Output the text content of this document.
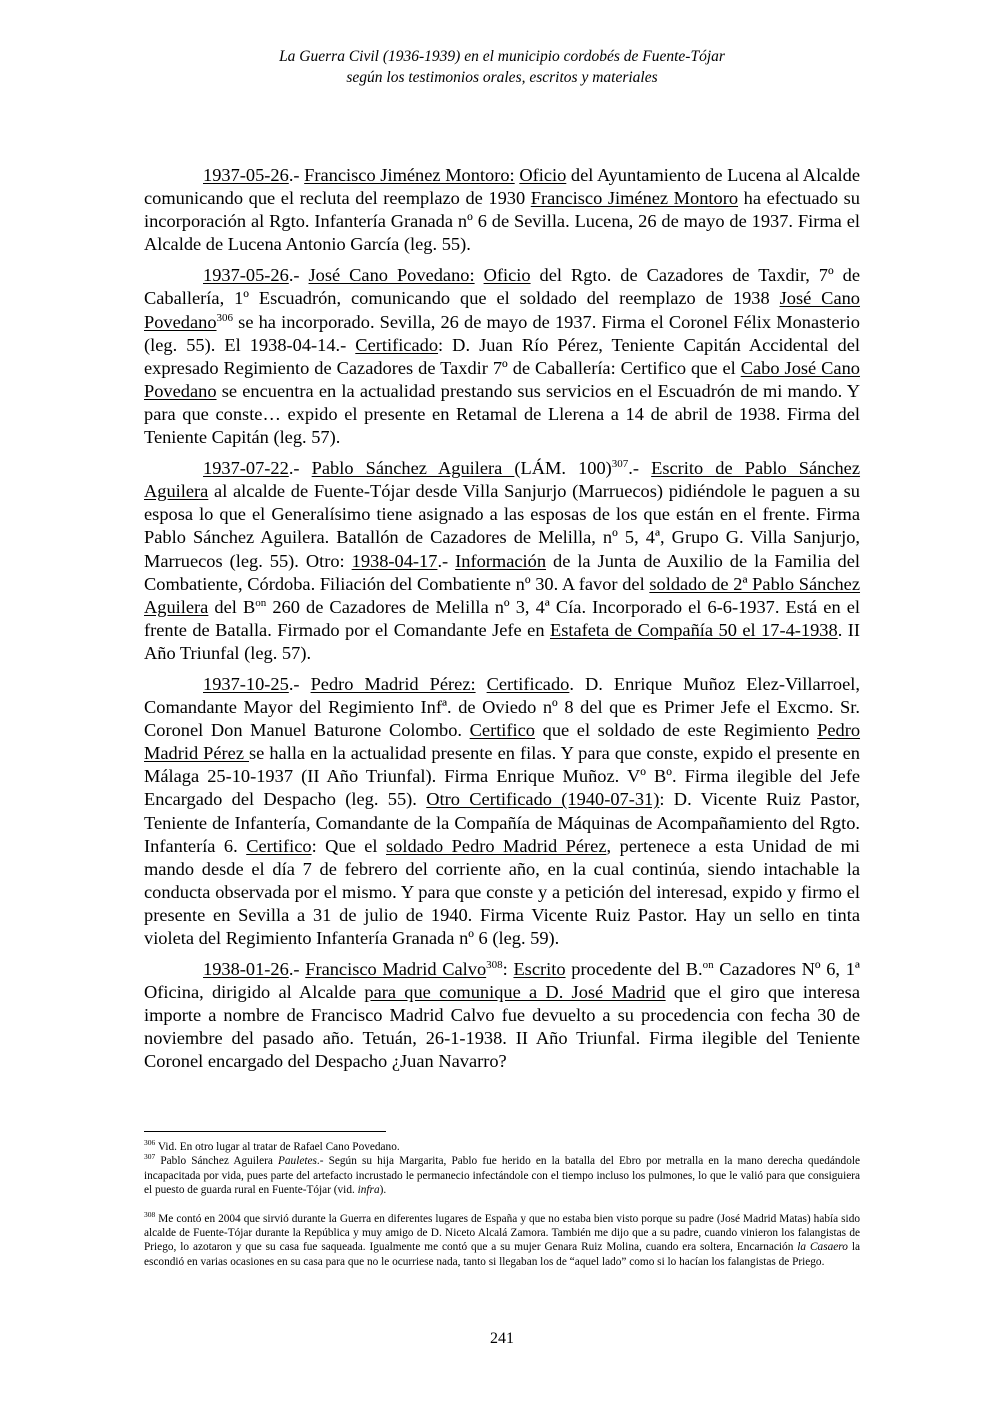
La Guerra Civil (1936-1939) en el municipio cordobés de Fuente-Tójar
según los testimonios orales, escritos y materiales

1937-05-26.- Francisco Jiménez Montoro: Oficio del Ayuntamiento de Lucena al Alcalde comunicando que el recluta del reemplazo de 1930 Francisco Jiménez Montoro ha efectuado su incorporación al Rgto. Infantería Granada nº 6 de Sevilla. Lucena, 26 de mayo de 1937. Firma el Alcalde de Lucena Antonio García (leg. 55).

1937-05-26.- José Cano Povedano: Oficio del Rgto. de Cazadores de Taxdir, 7º de Caballería, 1º Escuadrón, comunicando que el soldado del reemplazo de 1938 José Cano Povedano$^{306}$ se ha incorporado. Sevilla, 26 de mayo de 1937. Firma el Coronel Félix Monasterio (leg. 55). El 1938-04-14.- Certificado: D. Juan Río Pérez, Teniente Capitán Accidental del expresado Regimiento de Cazadores de Taxdir 7º de Caballería: Certifico que el Cabo José Cano Povedano se encuentra en la actualidad prestando sus servicios en el Escuadrón de mi mando. Y para que conste… expido el presente en Retamal de Llerena a 14 de abril de 1938. Firma del Teniente Capitán (leg. 57).

1937-07-22.- Pablo Sánchez Aguilera (LÁM. 100)$^{307}$.- Escrito de Pablo Sánchez Aguilera al alcalde de Fuente-Tójar desde Villa Sanjurjo (Marruecos) pidiéndole le paguen a su esposa lo que el Generalísimo tiene asignado a las esposas de los que están en el frente. Firma Pablo Sánchez Aguilera. Batallón de Cazadores de Melilla, nº 5, 4ª, Grupo G. Villa Sanjurjo, Marruecos (leg. 55). Otro: 1938-04-17.- Información de la Junta de Auxilio de la Familia del Combatiente, Córdoba. Filiación del Combatiente nº 30. A favor del soldado de 2ª Pablo Sánchez Aguilera del $B^{on}$ 260 de Cazadores de Melilla nº 3, 4ª Cía. Incorporado el 6-6-1937. Está en el frente de Batalla. Firmado por el Comandante Jefe en Estafeta de Compañía 50 el 17-4-1938. II Año Triunfal (leg. 57).

1937-10-25.- Pedro Madrid Pérez: Certificado. D. Enrique Muñoz Elez-Villarroel, Comandante Mayor del Regimiento Infª. de Oviedo nº 8 del que es Primer Jefe el Excmo. Sr. Coronel Don Manuel Baturone Colombo. Certifico que el soldado de este Regimiento Pedro Madrid Pérez se halla en la actualidad presente en filas. Y para que conste, expido el presente en Málaga 25-10-1937 (II Año Triunfal). Firma Enrique Muñoz. Vº Bº. Firma ilegible del Jefe Encargado del Despacho (leg. 55). Otro Certificado (1940-07-31): D. Vicente Ruiz Pastor, Teniente de Infantería, Comandante de la Compañía de Máquinas de Acompañamiento del Rgto. Infantería 6. Certifico: Que el soldado Pedro Madrid Pérez, pertenece a esta Unidad de mi mando desde el día 7 de febrero del corriente año, en la cual continúa, siendo intachable la conducta observada por el mismo. Y para que conste y a petición del interesad, expido y firmo el presente en Sevilla a 31 de julio de 1940. Firma Vicente Ruiz Pastor. Hay un sello en tinta violeta del Regimiento Infantería Granada nº 6 (leg. 59).

1938-01-26.- Francisco Madrid Calvo$^{308}$: Escrito procedente del B.$^{on}$ Cazadores Nº 6, 1ª Oficina, dirigido al Alcalde para que comunique a D. José Madrid que el giro que interesa importe a nombre de Francisco Madrid Calvo fue devuelto a su procedencia con fecha 30 de noviembre del pasado año. Tetuán, 26-1-1938. II Año Triunfal. Firma ilegible del Teniente Coronel encargado del Despacho ¿Juan Navarro?

$^{306}$ Vid. En otro lugar al tratar de Rafael Cano Povedano.

$^{307}$ Pablo Sánchez Aguilera Pauletes.- Según su hija Margarita, Pablo fue herido en la batalla del Ebro por metralla en la mano derecha quedándole incapacitada por vida, pues parte del artefacto incrustado le permanecio infectándole con el tiempo incluso los pulmones, lo que le valió para que consiguiera el puesto de guarda rural en Fuente-Tójar (vid. infra).

$^{308}$ Me contó en 2004 que sirvió durante la Guerra en diferentes lugares de España y que no estaba bien visto porque su padre (José Madrid Matas) había sido alcalde de Fuente-Tójar durante la República y muy amigo de D. Niceto Alcalá Zamora. También me dijo que a su padre, cuando vinieron los falangistas de Priego, lo azotaron y que su casa fue saqueada. Igualmente me contó que a su mujer Genara Ruiz Molina, cuando era soltera, Encarnación la Casaero la escondió en varias ocasiones en su casa para que no le ocurriese nada, tanto si llegaban los de “aquel lado” como si lo hacían los falangistas de Priego.

241
